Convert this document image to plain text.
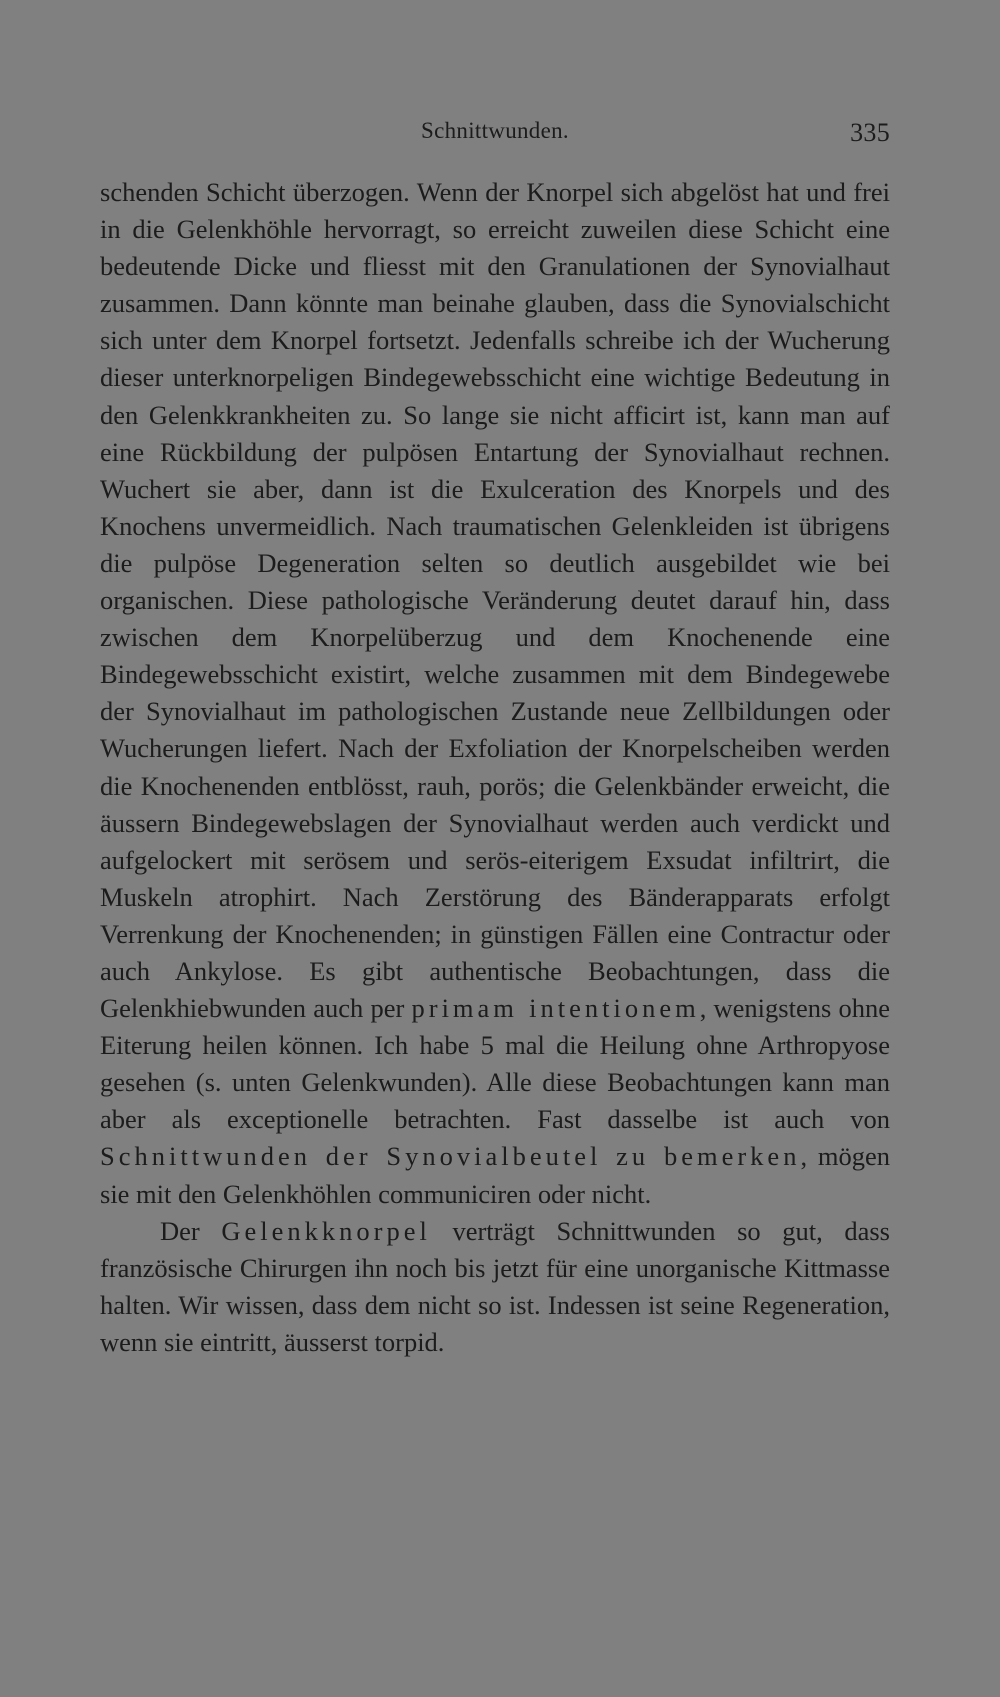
Schnittwunden.	335

schenden Schicht überzogen. Wenn der Knorpel sich abgelöst hat und frei in die Gelenkhöhle hervorragt, so erreicht zuweilen diese Schicht eine bedeutende Dicke und fliesst mit den Granulationen der Synovialhaut zusammen. Dann könnte man beinahe glauben, dass die Synovialschicht sich unter dem Knorpel fortsetzt. Jedenfalls schreibe ich der Wucherung dieser unterknorpeligen Bindegewebsschicht eine wichtige Bedeutung in den Gelenkkrankheiten zu. So lange sie nicht afficirt ist, kann man auf eine Rückbildung der pulpösen Entartung der Synovialhaut rechnen. Wuchert sie aber, dann ist die Exulceration des Knorpels und des Knochens unvermeidlich. Nach traumatischen Gelenkleiden ist übrigens die pulpöse Degeneration selten so deutlich ausgebildet wie bei organischen. Diese pathologische Veränderung deutet darauf hin, dass zwischen dem Knorpelüberzug und dem Knochenende eine Bindegewebsschicht existirt, welche zusammen mit dem Bindegewebe der Synovialhaut im pathologischen Zustande neue Zellbildungen oder Wucherungen liefert. Nach der Exfoliation der Knorpelscheiben werden die Knochenenden entblösst, rauh, porös; die Gelenkbänder erweicht, die äussern Bindegewebslagen der Synovialhaut werden auch verdickt und aufgelockert mit serösem und serös-eiterigem Exsudat infiltrirt, die Muskeln atrophirt. Nach Zerstörung des Bänderapparats erfolgt Verrenkung der Knochenenden; in günstigen Fällen eine Contractur oder auch Ankylose. Es gibt authentische Beobachtungen, dass die Gelenkhiebwunden auch per primam intentionem, wenigstens ohne Eiterung heilen können. Ich habe 5 mal die Heilung ohne Arthropyose gesehen (s. unten Gelenkwunden). Alle diese Beobachtungen kann man aber als exceptionelle betrachten. Fast dasselbe ist auch von Schnittwunden der Synovialbeutel zu bemerken, mögen sie mit den Gelenkhöhlen communiciren oder nicht.

Der Gelenkknorpel verträgt Schnittwunden so gut, dass französische Chirurgen ihn noch bis jetzt für eine unorganische Kittmasse halten. Wir wissen, dass dem nicht so ist. Indessen ist seine Regeneration, wenn sie eintritt, äusserst torpid.
